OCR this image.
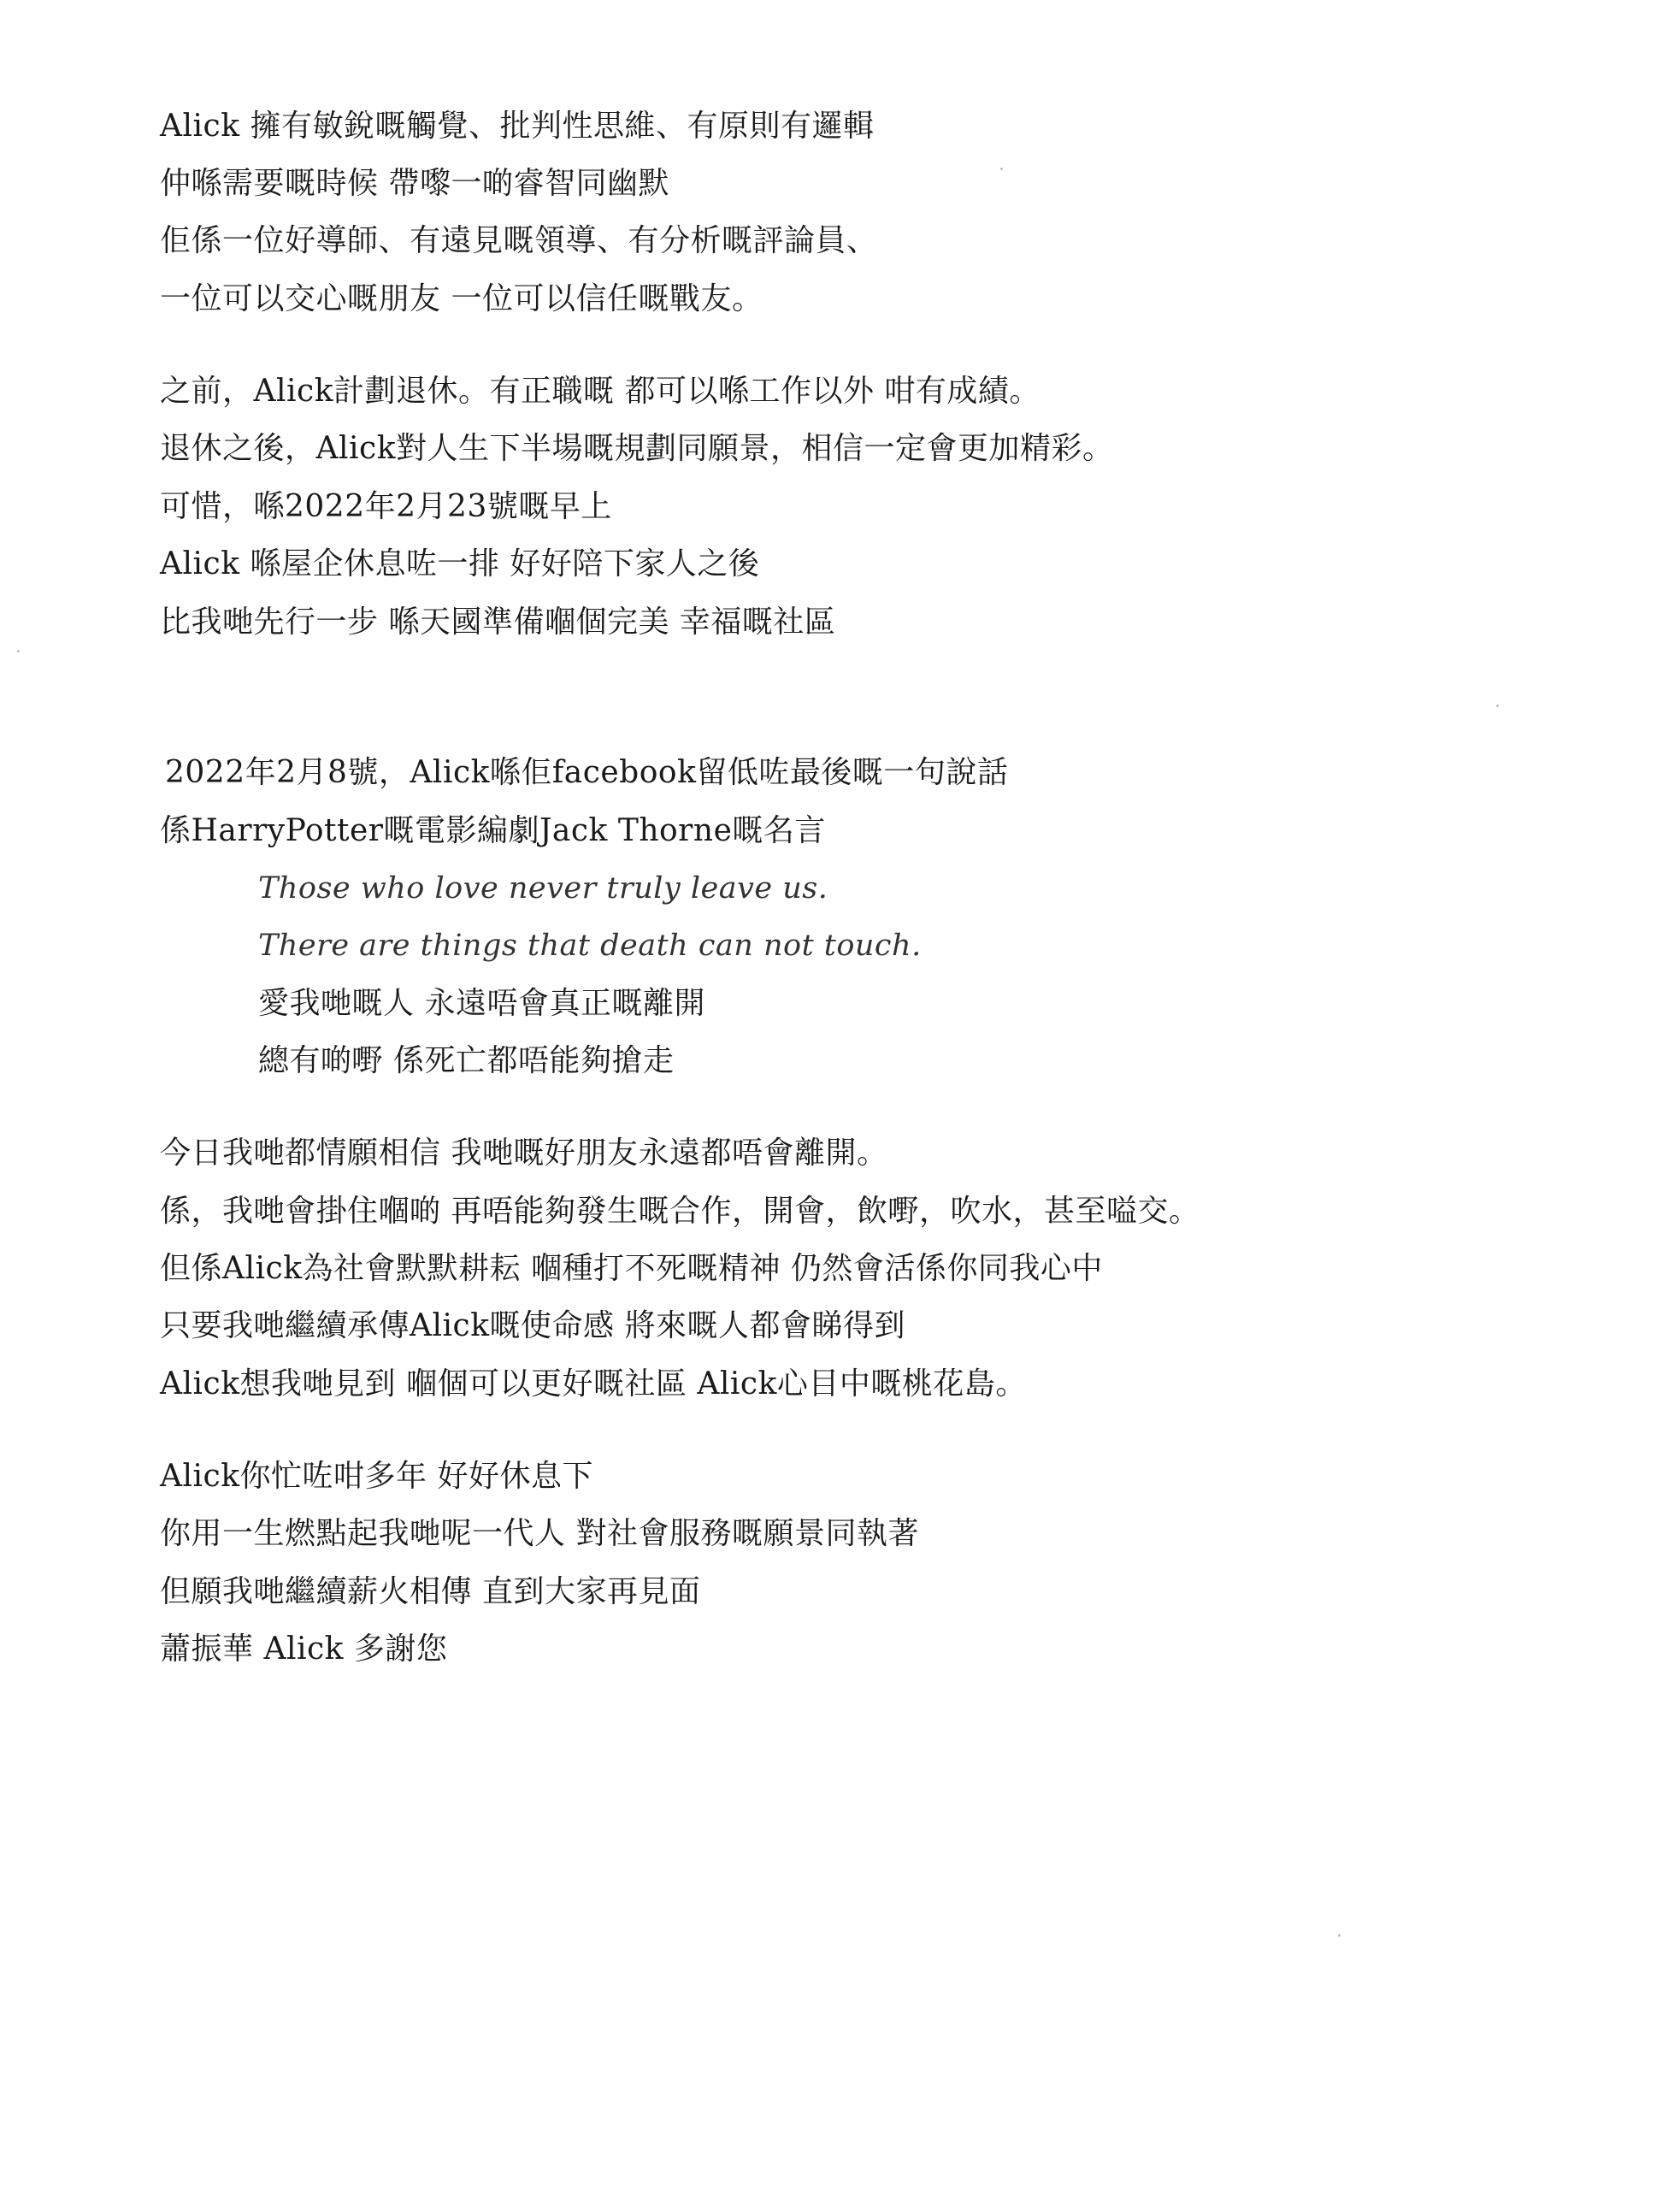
Alick 擁有敏銳嘅觸覺、批判性思維、有原則有邏輯
仲喺需要嘅時候 帶嚟一啲睿智同幽默
佢係一位好導師、有遠見嘅領導、有分析嘅評論員、
一位可以交心嘅朋友 一位可以信任嘅戰友。
之前，Alick計劃退休。有正職嘅 都可以喺工作以外 咁有成績。
退休之後，Alick對人生下半場嘅規劃同願景，相信一定會更加精彩。
可惜，喺2022年2月23號嘅早上
Alick 喺屋企休息咗一排 好好陪下家人之後
比我哋先行一步 喺天國準備嗰個完美 幸福嘅社區
2022年2月8號，Alick喺佢facebook留低咗最後嘅一句說話
係HarryPotter嘅電影編劇Jack Thorne嘅名言
Those who love never truly leave us.
There are things that death can not touch.
愛我哋嘅人 永遠唔會真正嘅離開
總有啲嘢 係死亡都唔能夠搶走
今日我哋都情願相信 我哋嘅好朋友永遠都唔會離開。
係，我哋會掛住嗰啲 再唔能夠發生嘅合作，開會，飲嘢，吹水，甚至嗌交。
但係Alick為社會默默耕耘 嗰種打不死嘅精神 仍然會活係你同我心中
只要我哋繼續承傳Alick嘅使命感 將來嘅人都會睇得到
Alick想我哋見到 嗰個可以更好嘅社區 Alick心目中嘅桃花島。
Alick你忙咗咁多年 好好休息下
你用一生燃點起我哋呢一代人 對社會服務嘅願景同執著
但願我哋繼續薪火相傳 直到大家再見面
蕭振華 Alick 多謝您
